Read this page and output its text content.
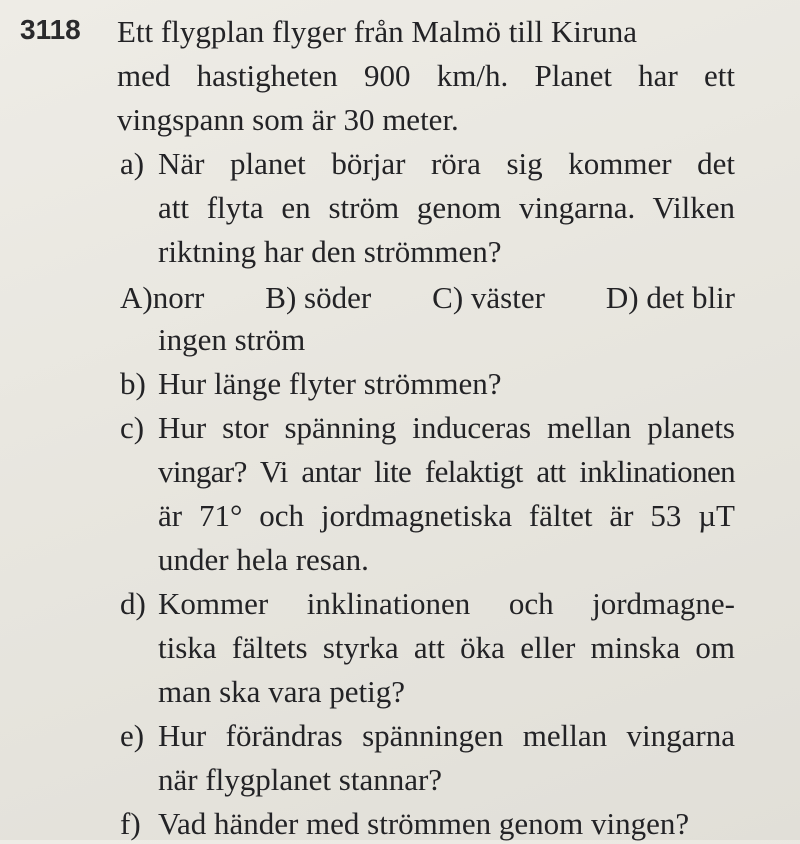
3118 Ett flygplan flyger från Malmö till Kiruna
med hastigheten 900 km/h. Planet har ett
vingspann som är 30 meter.
a) När planet börjar röra sig kommer det
att flyta en ström genom vingarna. Vilken
riktning har den strömmen?
A)norr B) söder C) väster D) det blir
ingen ström
b) Hur länge flyter strömmen?
c) Hur stor spänning induceras mellan planets
vingar? Vi antar lite felaktigt att inklinationen
är 71° och jordmagnetiska fältet är 53 µT
under hela resan.
d) Kommer inklinationen och jordmagne-
tiska fältets styrka att öka eller minska om
man ska vara petig?
e) Hur förändras spänningen mellan vingarna
när flygplanet stannar?
f) Vad händer med strömmen genom vingen?
